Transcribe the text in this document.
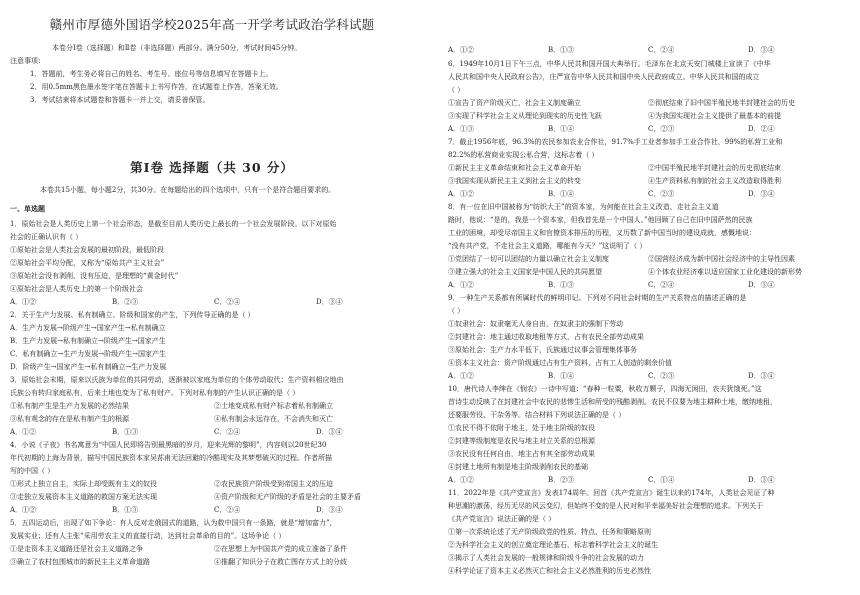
赣州市厚德外国语学校2025年高一开学考试政治学科试题
本卷分Ⅰ卷（选择题）和Ⅱ卷（非选择题）两部分。满分50分，考试时间45分钟。
注意事项：
1．答题前，考生务必将自己的姓名、考生号、座位号等信息填写在答题卡上。
2．用0.5mm黑色墨水签字笔在答题卡上书写作答，在试题卷上作答，答案无效。
3．考试结束将本试题卷和答题卡一并上交，请妥善保管。
第Ⅰ卷 选择题（共 30 分）
本卷共15小题，每小题2分，共30分。在每题给出的四个选项中，只有一个是符合题目要求的。
一、单选题
1．原始社会是人类历史上第一个社会形态，是截至目前人类历史上最长的一个社会发展阶段。以下对原始
社会的正确认识有（ ）
①原始社会是人类社会发展的最初阶段，最低阶段
②原始社会平均分配，又称为“原始共产主义社会”
③原始社会没有剥削、没有压迫，是理想的“黄金时代”
④原始社会是人类历史上的第一个阶级社会
A．①②	B．②③	C．②④	D．③④
2．关于生产力发展、私有制确立、阶级和国家的产生，下列传导正确的是（ ）
A．生产力发展→阶级产生→国家产生→私有制确立
B．生产力发展→私有制确立→阶级产生→国家产生
C．私有制确立→生产力发展→阶级产生→国家产生
D．阶级产生→国家产生→私有制确立→生产力发展
3．原始社会末期，原来以氏族为单位的共同劳动，逐渐被以家庭为单位的个体劳动取代；生产资料相应地由
氏族公有转归家庭私有，后来土地也变为了私有财产。下列对私有制的产生认识正确的是（ ）
①私有制产生是生产力发展的必然结果	②土地变成私有财产标志着私有制确立
③私有观念的存在是私有制产生的根源	④私有制会永远存在，不会消失和灭亡
A．①②	B．①③	C．②④	D．③④
4．小说《子夜》书名寓意为“中国人民即将告别最黑暗的岁月，迎来光辉的黎明”，内容则以20世纪30
年代初期的上海为背景，描写中国民族资本家吴荪甫无法回避的冷酷现实及其梦想破灭的过程。作者所描
写的中国（ ）
①形式上独立自主，实际上却受既有主义的奴役	②农民族资产阶级受到帝国主义的压迫
③走独立发展资本主义道路的救国方案无法实现	④资产阶级和无产阶级的矛盾是社会的主要矛盾
A．①②	B．①③	C．②④	D．③④
5．五四运动后，出现了如下争论：有人反对走俄国式的道路，认为救中国只有一条路，就是“增加富力”，
发展实业；还有人主张“采用劳农主义的直接行动，达到社会革命的目的”。这场争论（ ）
①是走资本主义道路还是社会主义道路之争	②在思想上为中国共产党的成立准备了条件
③确立了农村包围城市的新民主主义革命道路	④推翻了知识分子在救亡图存方式上的分歧
A．①②	B．①③	C．②④	D．③④
6．1949年10月1日下午三点，中华人民共和国开国大典举行。毛泽东在北京天安门城楼上宣读了《中华
人民共和国中央人民政府公告》，庄严宣告中华人民共和国中央人民政府成立。中华人民共和国的成立
（ ）
①宣告了资产阶级灭亡，社会主义制度确立	②彻底结束了旧中国半殖民地半封建社会的历史
③实现了科学社会主义从理论到现实的历史性飞跃	④为我国实现社会主义提供了最基本的前提
A．①③	B．①④	C．②③	D．②④
7．截止1956年底，96.3%的农民参加农业合作社，91.7%手工业者参加手工业合作社，99%的私营工业和
82.2%的私营商业实现公私合营，这标志着（ ）
①新民主主义革命结束和社会主义革命开始	②中国半殖民地半封建社会的历史彻底结束
③我国实现从新民主主义到社会主义的转变	④生产资料私有制的社会主义改造取得胜利
A．①②	B．①④	C．②③	D．③④
8．有一位在旧中国被称为“纺织大王”的资本家，为何能在社会主义改造、走社会主义道
路时，他说：“是的，我是一个资本家，但我首先是一个中国人。”他回顾了自己在旧中国萨然的民族
工业的困境，却受尽帝国主义和官僚资本排压的历程，又历数了新中国当时的建设成就，感慨地说：
“没有共产党，不走社会主义道路，哪能有今天？”这说明了（ ）
①党团结了一切可以团结的力量以确立社会主义制度	②国营经济成为新中国社会经济中的主导性因素
③建立强大的社会主义国家是中国人民的共同愿望	④个体农业经济难以适应国家工业化建设的新形势
A．①②	B．①③	C．②④	D．③④
9．一种生产关系都有所属时代的鲜明印记。下列对不同社会时期的生产关系特点的描述正确的是
（ ）
①奴隶社会：奴隶毫无人身自由，在奴隶主的强制下劳动
②封建社会：地主通过收取地租等方式，占有农民全部劳动成果
③原始社会：生产力水平低下，氏族通过议事会管理集体事务
④资本主义社会：资产阶级通过占有生产资料，占有工人创造的剩余价值
A．①②	B．①④	C．②③	D．③④
10．唐代诗人李绅在《悯农》一诗中写道：“春种一粒粟，秋收万颗子，四海无闲田，农夫犹饿死。”这
首诗生动反映了在封建社会中农民的悲惨生活和所受的残酷剥削。农民不仅要为地主耕种土地，缴纳地租，
还要服劳役、干杂务等。结合材料下列说法正确的是（ ）
①农民不得不依附于地主，处于地主阶级的奴役
②封建等级制度是农民与地主对立关系的总根源
③农民没有任何自由，地主占有其全部劳动成果
④封建土地所有制是地主阶级剥削农民的基础
A．①②	B．②③	C．①④	D．③④
11．2022年是《共产党宣言》发表174周年。回首《共产党宣言》诞生以来的174年，人类社会见证了种
种思潮的激荡，经历无尽的风云变幻，但始终不变的是人民对和平幸福美好社会理想的追求。下列关于
《共产党宣言》说法正确的是（ ）
①第一次系统论述了无产阶级政党的性质、特点、任务和策略原则
②为科学社会主义的创立奠定理论基石，标志着科学社会主义的诞生
③揭示了人类社会发展的一般规律和阶级斗争的社会发展的动力
④科学论证了资本主义必然灭亡和社会主义必然胜利的历史必然性
